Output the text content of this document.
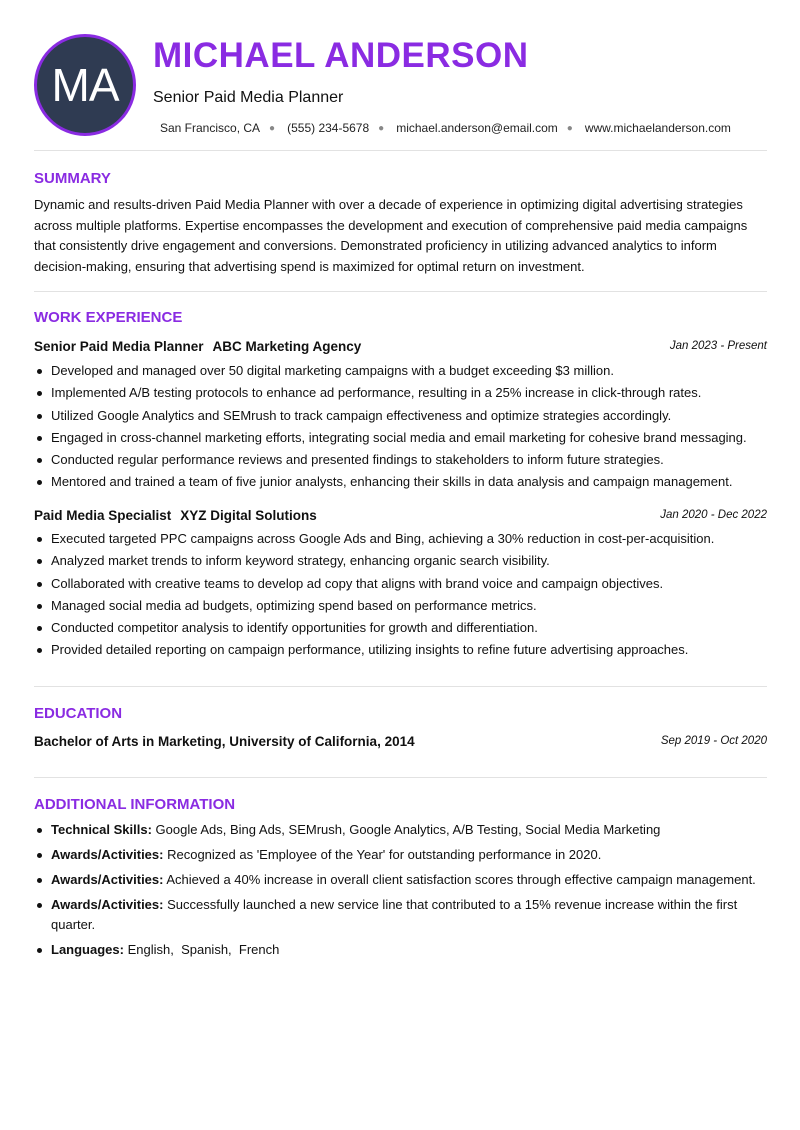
MA
MICHAEL ANDERSON
Senior Paid Media Planner
San Francisco, CA ● (555) 234-5678 ● michael.anderson@email.com ● www.michaelanderson.com
SUMMARY

Dynamic and results-driven Paid Media Planner with over a decade of experience in optimizing digital advertising strategies across multiple platforms. Expertise encompasses the development and execution of comprehensive paid media campaigns that consistently drive engagement and conversions. Demonstrated proficiency in utilizing advanced analytics to inform decision-making, ensuring that advertising spend is maximized for optimal return on investment.

WORK EXPERIENCE
Senior Paid Media Planner ABC Marketing Agency	Jan 2023 - Present
Developed and managed over 50 digital marketing campaigns with a budget exceeding $3 million.
Implemented A/B testing protocols to enhance ad performance, resulting in a 25% increase in click-through rates.
Utilized Google Analytics and SEMrush to track campaign effectiveness and optimize strategies accordingly.
Engaged in cross-channel marketing efforts, integrating social media and email marketing for cohesive brand messaging.
Conducted regular performance reviews and presented findings to stakeholders to inform future strategies.
Mentored and trained a team of five junior analysts, enhancing their skills in data analysis and campaign management.
Paid Media Specialist XYZ Digital Solutions	Jan 2020 - Dec 2022
Executed targeted PPC campaigns across Google Ads and Bing, achieving a 30% reduction in cost-per-acquisition.
Analyzed market trends to inform keyword strategy, enhancing organic search visibility.
Collaborated with creative teams to develop ad copy that aligns with brand voice and campaign objectives.
Managed social media ad budgets, optimizing spend based on performance metrics.
Conducted competitor analysis to identify opportunities for growth and differentiation.
Provided detailed reporting on campaign performance, utilizing insights to refine future advertising approaches.
EDUCATION
Bachelor of Arts in Marketing, University of California, 2014	Sep 2019 - Oct 2020
ADDITIONAL INFORMATION
Technical Skills: Google Ads, Bing Ads, SEMrush, Google Analytics, A/B Testing, Social Media Marketing
Awards/Activities: Recognized as 'Employee of the Year' for outstanding performance in 2020.
Awards/Activities: Achieved a 40% increase in overall client satisfaction scores through effective campaign management.
Awards/Activities: Successfully launched a new service line that contributed to a 15% revenue increase within the first quarter.
Languages: English,  Spanish,  French
